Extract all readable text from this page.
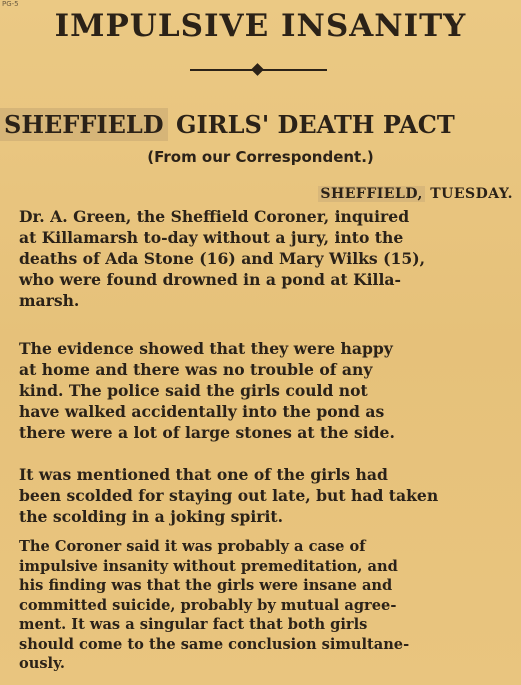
PG-5
IMPULSIVE INSANITY
SHEFFIELD GIRLS' DEATH PACT
(From our Correspondent.)
SHEFFIELD, TUESDAY.
Dr. A. Green, the Sheffield Coroner, inquired
at Killamarsh to-day without a jury, into the
deaths of Ada Stone (16) and Mary Wilks (15),
who were found drowned in a pond at Killa-
marsh.
The evidence showed that they were happy
at home and there was no trouble of any
kind. The police said the girls could not
have walked accidentally into the pond as
there were a lot of large stones at the side.
It was mentioned that one of the girls had
been scolded for staying out late, but had taken
the scolding in a joking spirit.
The Coroner said it was probably a case of
impulsive insanity without premeditation, and
his finding was that the girls were insane and
committed suicide, probably by mutual agree-
ment. It was a singular fact that both girls
should come to the same conclusion simultane-
ously.
